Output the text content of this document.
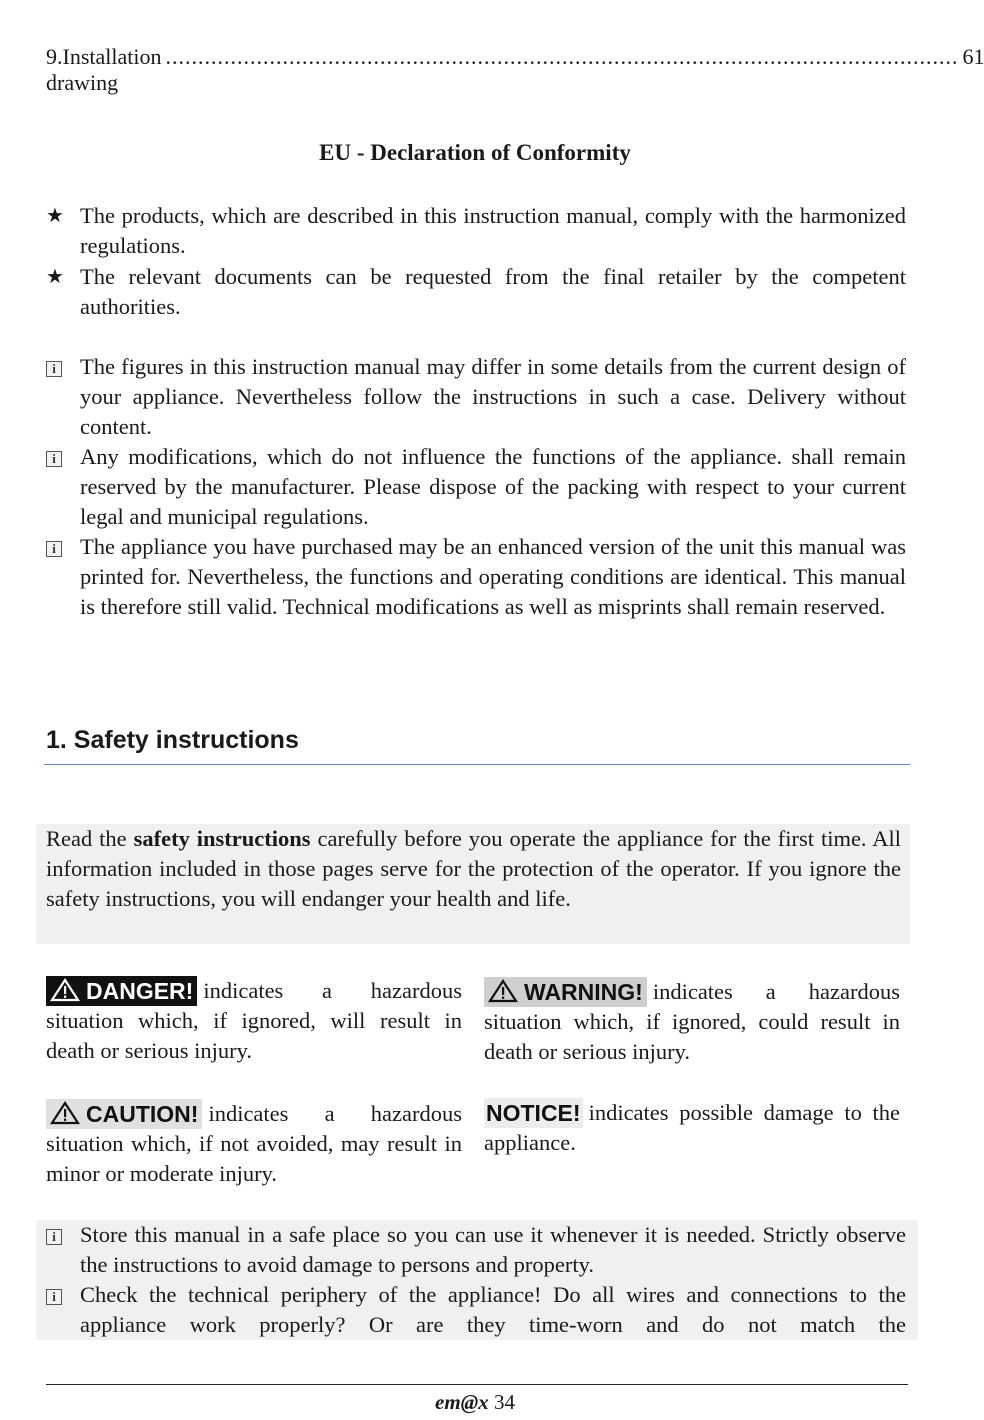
9.Installation drawing
.......................................................................................................................... 61
EU - Declaration of Conformity
★ The products, which are described in this instruction manual, comply with the harmonized regulations.
★ The relevant documents can be requested from the final retailer by the competent authorities.
i	The figures in this instruction manual may differ in some details from the current design of your appliance. Nevertheless follow the instructions in such a case. Delivery without content.
i	Any modifications, which do not influence the functions of the appliance. shall remain reserved by the manufacturer. Please dispose of the packing with respect to your current legal and municipal regulations.
i	The appliance you have purchased may be an enhanced version of the unit this manual was printed for. Nevertheless, the functions and operating conditions are identical. This manual is therefore still valid. Technical modifications as well as misprints shall remain reserved.
1. Safety instructions
Read the safety instructions carefully before you operate the appliance for the first time. All information included in those pages serve for the protection of the operator. If you ignore the safety instructions, you will endanger your health and life.
DANGER! indicates a hazardous situation which, if ignored, will result in death or serious injury.
WARNING! indicates a hazardous situation which, if ignored, could result in death or serious injury.
CAUTION! indicates a hazardous situation which, if not avoided, may result in minor or moderate injury.
NOTICE! indicates possible damage to the appliance.
i	Store this manual in a safe place so you can use it whenever it is needed. Strictly observe the instructions to avoid damage to persons and property.
i	Check the technical periphery of the appliance! Do all wires and connections to the appliance work properly? Or are they time-worn and do not match the
em@x 34
